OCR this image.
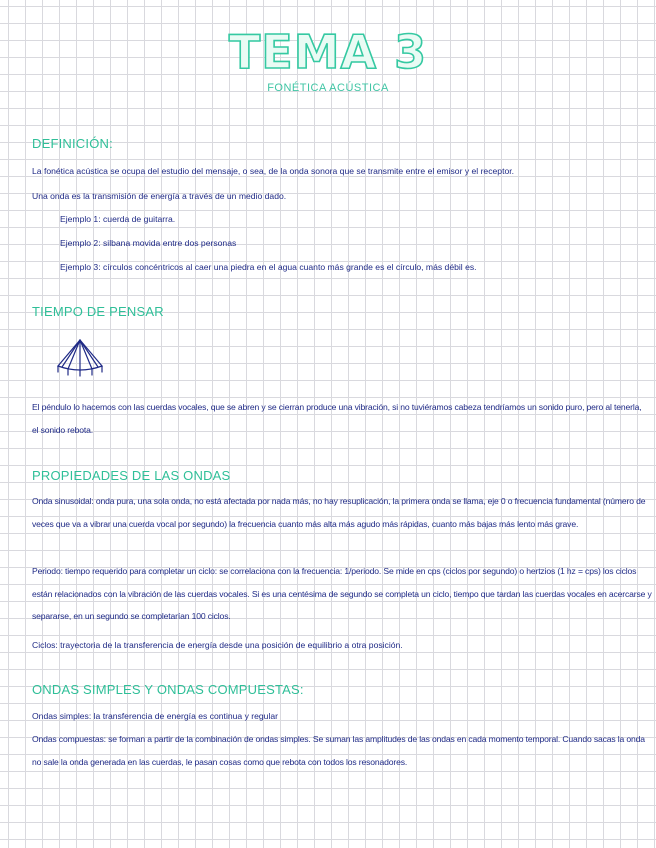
TEMA 3
FONÉTICA ACÚSTICA
DEFINICIÓN:
La fonética acústica se ocupa del estudio del mensaje, o sea, de la onda sonora que se transmite entre el emisor y el receptor.
Una onda es la transmisión de energía a través de un medio dado.
Ejemplo 1: cuerda de guitarra.
Ejemplo 2: silbana movida entre dos personas
Ejemplo 3: círculos concéntricos al caer una piedra en el agua cuanto más grande es el círculo, más débil es.
TIEMPO DE PENSAR
El péndulo lo hacemos con las cuerdas vocales, que se abren y se cierran produce una vibración, si no tuviéramos cabeza tendríamos un sonido puro, pero al tenerla, el sonido rebota.
PROPIEDADES DE LAS ONDAS
Onda sinusoidal: onda pura, una sola onda, no está afectada por nada más, no hay resuplicación, la primera onda se llama, eje 0 o frecuencia fundamental (número de veces que va a vibrar una cuerda vocal por segundo) la frecuencia cuanto más alta más agudo más rápidas, cuanto más bajas más lento más grave.
Periodo: tiempo requerido para completar un ciclo: se correlaciona con la frecuencia: 1/periodo. Se mide en cps (ciclos por segundo) o hertzios (1 hz = cps) los ciclos están relacionados con la vibración de las cuerdas vocales. Si es una centésima de segundo se completa un ciclo, tiempo que tardan las cuerdas vocales en acercarse y separarse, en un segundo se completarían 100 ciclos.
Ciclos: trayectoria de la transferencia de energía desde una posición de equilibrio a otra posición.
ONDAS SIMPLES Y ONDAS COMPUESTAS:
Ondas simples: la transferencia de energía es continua y regular
Ondas compuestas: se forman a partir de la combinación de ondas simples. Se suman las amplitudes de las ondas en cada momento temporal. Cuando sacas la onda no sale la onda generada en las cuerdas, le pasan cosas como que rebota con todos los resonadores.
